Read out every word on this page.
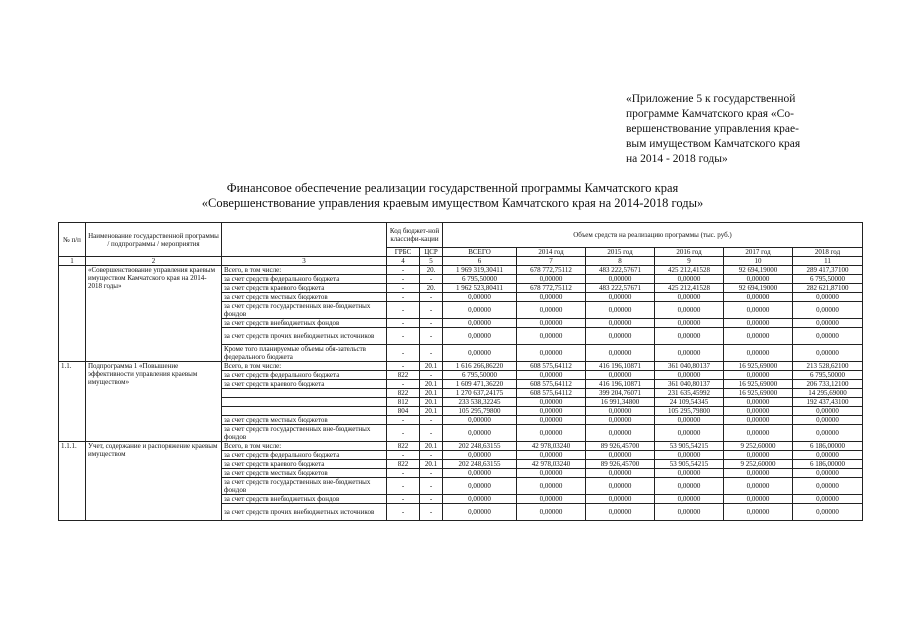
«Приложение 5 к государственной
программе Камчатского края «Со-
вершенствование управления крае-
вым имуществом Камчатского края
на 2014 - 2018 годы»
Финансовое обеспечение реализации государственной программы Камчатского края
«Совершенствование управления краевым имуществом Камчатского края на 2014-2018 годы»
№ п/п	Наименование государственной программы / подпрограммы / мероприятия		Код бюджет-ной классифи-кации		Объем средств на реализацию программы (тыс. руб.)					
			ГРБС	ЦСР	ВСЕГО	2014 год	2015 год	2016 год	2017 год	2018 год
1	2	3	4	5	6	7	8	9	10	11
	«Совершенствование управления краевым имуществом Камчатского края на 2014-2018 годы»	Всего, в том числе:	-	20.	1 969 319,30411	678 772,75112	483 222,57671	425 212,41528	92 694,19000	289 417,37100
		за счет средств федерального бюджета	-	-	6 795,50000	0,00000	0,00000	0,00000	0,00000	6 795,50000
		за счет средств краевого бюджета	-	20.	1 962 523,80411	678 772,75112	483 222,57671	425 212,41528	92 694,19000	282 621,87100
		за счет средств местных бюджетов	-	-	0,00000	0,00000	0,00000	0,00000	0,00000	0,00000
		за счет средств государственных вне-бюджетных фондов	-	-	0,00000	0,00000	0,00000	0,00000	0,00000	0,00000
		за счет средств внебюджетных фондов	-	-	0,00000	0,00000	0,00000	0,00000	0,00000	0,00000
		за счет средств прочих внебюджетных источников	-	-	0,00000	0,00000	0,00000	0,00000	0,00000	0,00000
		Кроме того планируемые объемы обя-зательств федерального бюджета	-	-	0,00000	0,00000	0,00000	0,00000	0,00000	0,00000
1.1.	Подпрограмма 1 «Повышение эффективности управления краевым имуществом»	Всего, в том числе:	-	20.1	1 616 266,86220	608 575,64112	416 196,10871	361 040,80137	16 925,69000	213 528,62100
		за счет средств федерального бюджета	822	-	6 795,50000	0,00000	0,00000	0,00000	0,00000	6 795,50000
		за счет средств краевого бюджета	-	20.1	1 609 471,36220	608 575,64112	416 196,10871	361 040,80137	16 925,69000	206 733,12100
			822	20.1	1 270 637,24175	608 575,64112	399 204,76071	231 635,45992	16 925,69000	14 295,69000
			812	20.1	233 538,32245	0,00000	16 991,34800	24 109,54345	0,00000	192 437,43100
			804	20.1	105 295,79800	0,00000	0,00000	105 295,79800	0,00000	0,00000
		за счет средств местных бюджетов	-	-	0,00000	0,00000	0,00000	0,00000	0,00000	0,00000
		за счет средств государственных вне-бюджетных фондов	-	-	0,00000	0,00000	0,00000	0,00000	0,00000	0,00000
1.1.1.	Учет, содержание и распоряжение краевым имуществом	Всего, в том числе:	822	20.1	202 248,63155	42 978,03240	89 926,45700	53 905,54215	9 252,60000	6 186,00000
		за счет средств федерального бюджета	-	-	0,00000	0,00000	0,00000	0,00000	0,00000	0,00000
		за счет средств краевого бюджета	822	20.1	202 248,63155	42 978,03240	89 926,45700	53 905,54215	9 252,60000	6 186,00000
		за счет средств местных бюджетов	-	-	0,00000	0,00000	0,00000	0,00000	0,00000	0,00000
		за счет средств государственных вне-бюджетных фондов	-	-	0,00000	0,00000	0,00000	0,00000	0,00000	0,00000
		за счет средств внебюджетных фондов	-	-	0,00000	0,00000	0,00000	0,00000	0,00000	0,00000
		за счет средств прочих внебюджетных источников	-	-	0,00000	0,00000	0,00000	0,00000	0,00000	0,00000
